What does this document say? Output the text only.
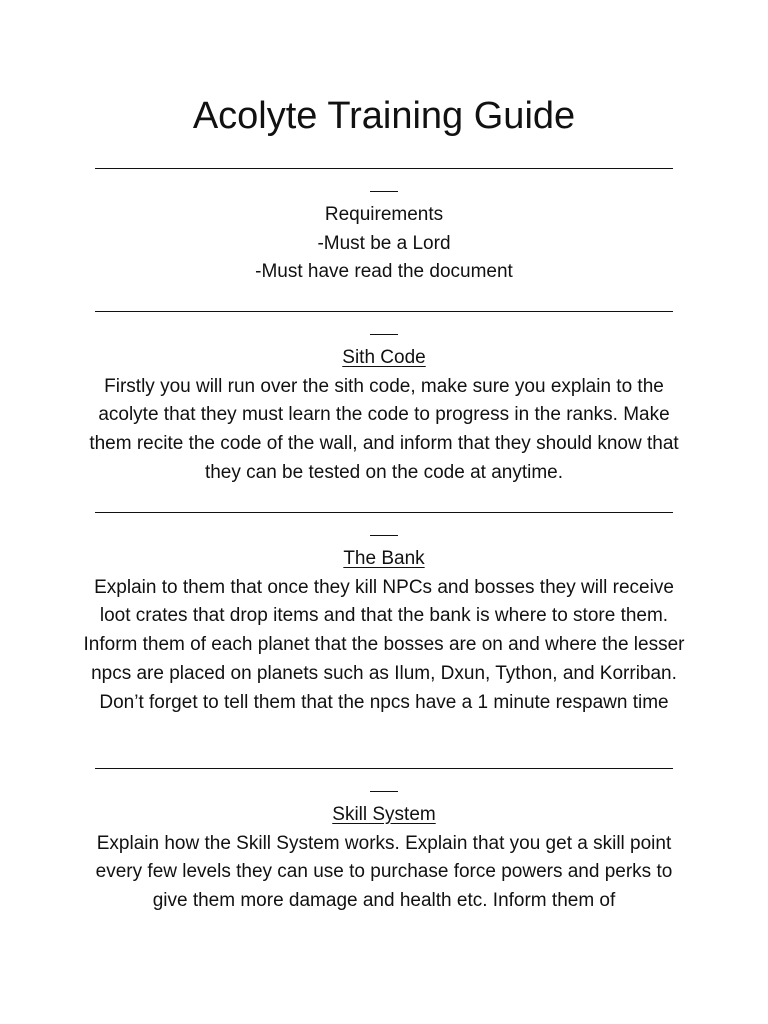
Acolyte Training Guide

Requirements

-Must be a Lord

-Must have read the document

Sith Code

Firstly you will run over the sith code, make sure you explain to the acolyte that they must learn the code to progress in the ranks. Make them recite the code of the wall, and inform that they should know that they can be tested on the code at anytime.

The Bank

Explain to them that once they kill NPCs and bosses they will receive loot crates that drop items and that the bank is where to store them. Inform them of each planet that the bosses are on and where the lesser npcs are placed on planets such as Ilum, Dxun, Tython, and Korriban. Don’t forget to tell them that the npcs have a 1 minute respawn time

Skill System

Explain how the Skill System works. Explain that you get a skill point every few levels they can use to purchase force powers and perks to give them more damage and health etc. Inform them of
